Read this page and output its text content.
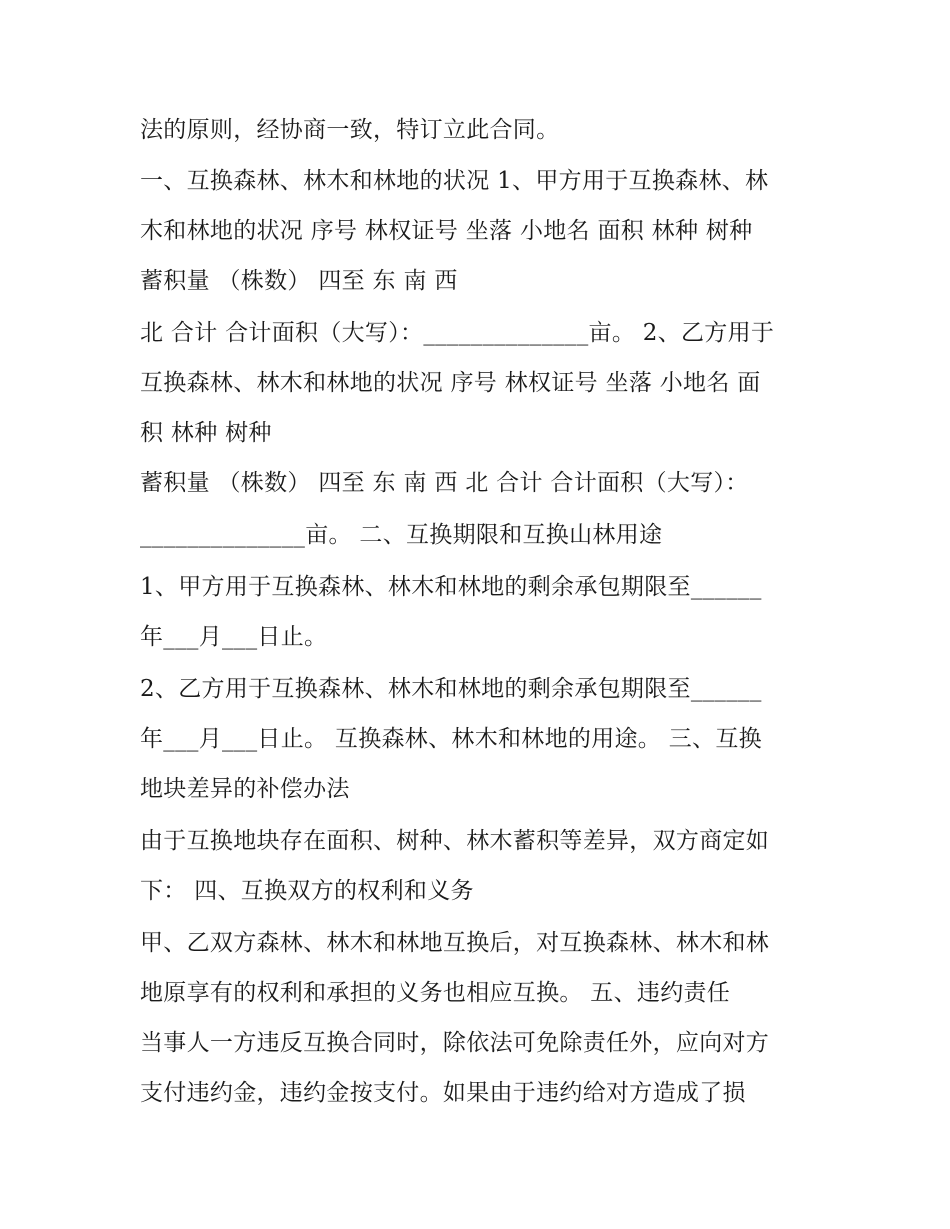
法的原则，经协商一致，特订立此合同。
一、互换森林、林木和林地的状况 1、甲方用于互换森林、林
木和林地的状况 序号 林权证号 坐落 小地名 面积 林种 树种
蓄积量 （株数） 四至 东 南 西
北 合计 合计面积（大写）：______________亩。 2、乙方用于
互换森林、林木和林地的状况 序号 林权证号 坐落 小地名 面
积 林种 树种
蓄积量 （株数） 四至 东 南 西 北 合计 合计面积（大写）：
______________亩。 二、互换期限和互换山林用途
1、甲方用于互换森林、林木和林地的剩余承包期限至______
年___月___日止。
2、乙方用于互换森林、林木和林地的剩余承包期限至______
年___月___日止。 互换森林、林木和林地的用途。 三、互换
地块差异的补偿办法
由于互换地块存在面积、树种、林木蓄积等差异，双方商定如
下： 四、互换双方的权利和义务
甲、乙双方森林、林木和林地互换后，对互换森林、林木和林
地原享有的权利和承担的义务也相应互换。 五、违约责任
当事人一方违反互换合同时，除依法可免除责任外，应向对方
支付违约金，违约金按支付。如果由于违约给对方造成了损
